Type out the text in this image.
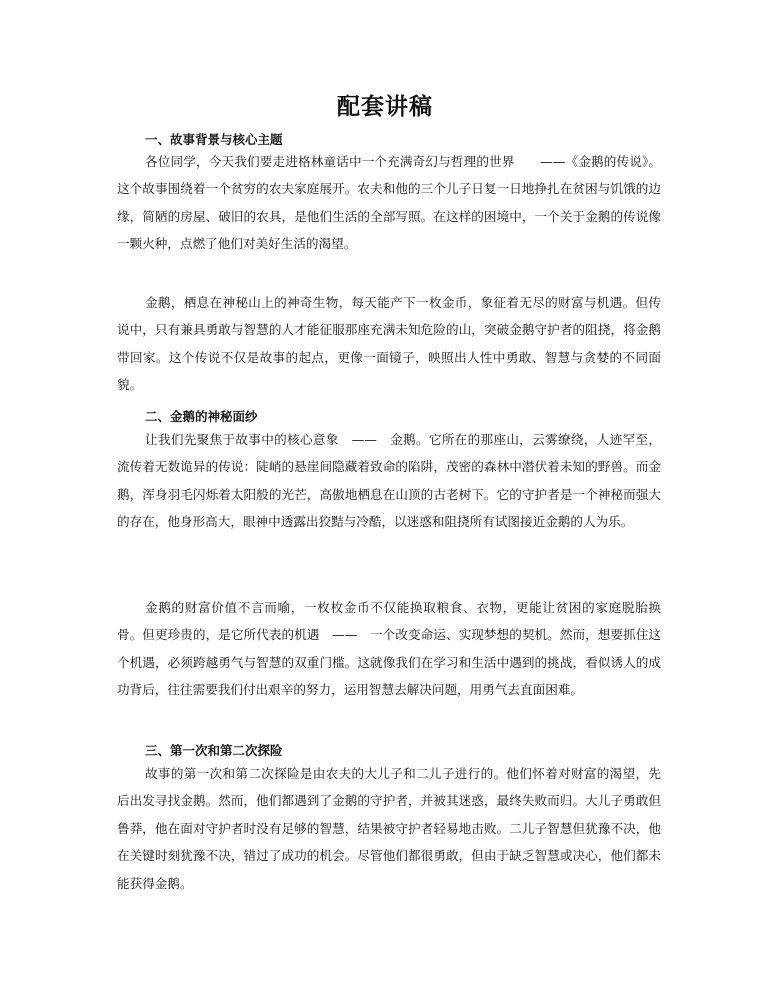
配套讲稿
一、故事背景与核心主题

各位同学，今天我们要走进格林童话中一个充满奇幻与哲理的世界　　——《金鹅的传说》。这个故事围绕着一个贫穷的农夫家庭展开。农夫和他的三个儿子日复一日地挣扎在贫困与饥饿的边缘，简陋的房屋、破旧的农具，是他们生活的全部写照。在这样的困境中，一个关于金鹅的传说像一颗火种，点燃了他们对美好生活的渴望。

金鹅，栖息在神秘山上的神奇生物，每天能产下一枚金币，象征着无尽的财富与机遇。但传说中，只有兼具勇敢与智慧的人才能征服那座充满未知危险的山，突破金鹅守护者的阻挠，将金鹅带回家。这个传说不仅是故事的起点，更像一面镜子，映照出人性中勇敢、智慧与贪婪的不同面貌。

二、金鹅的神秘面纱

让我们先聚焦于故事中的核心意象　——　金鹅。它所在的那座山，云雾缭绕，人迹罕至，流传着无数诡异的传说：陡峭的悬崖间隐藏着致命的陷阱，茂密的森林中潜伏着未知的野兽。而金鹅，浑身羽毛闪烁着太阳般的光芒，高傲地栖息在山顶的古老树下。它的守护者是一个神秘而强大的存在，他身形高大，眼神中透露出狡黠与冷酷，以迷惑和阻挠所有试图接近金鹅的人为乐。

金鹅的财富价值不言而喻，一枚枚金币不仅能换取粮食、衣物，更能让贫困的家庭脱胎换骨。但更珍贵的，是它所代表的机遇　——　一个改变命运、实现梦想的契机。然而，想要抓住这个机遇，必须跨越勇气与智慧的双重门槛。这就像我们在学习和生活中遇到的挑战，看似诱人的成功背后，往往需要我们付出艰辛的努力，运用智慧去解决问题，用勇气去直面困难。

三、第一次和第二次探险

故事的第一次和第二次探险是由农夫的大儿子和二儿子进行的。他们怀着对财富的渴望，先后出发寻找金鹅。然而，他们都遇到了金鹅的守护者，并被其迷惑，最终失败而归。大儿子勇敢但鲁莽，他在面对守护者时没有足够的智慧，结果被守护者轻易地击败。二儿子智慧但犹豫不决，他在关键时刻犹豫不决，错过了成功的机会。尽管他们都很勇敢，但由于缺乏智慧或决心，他们都未能获得金鹅。
